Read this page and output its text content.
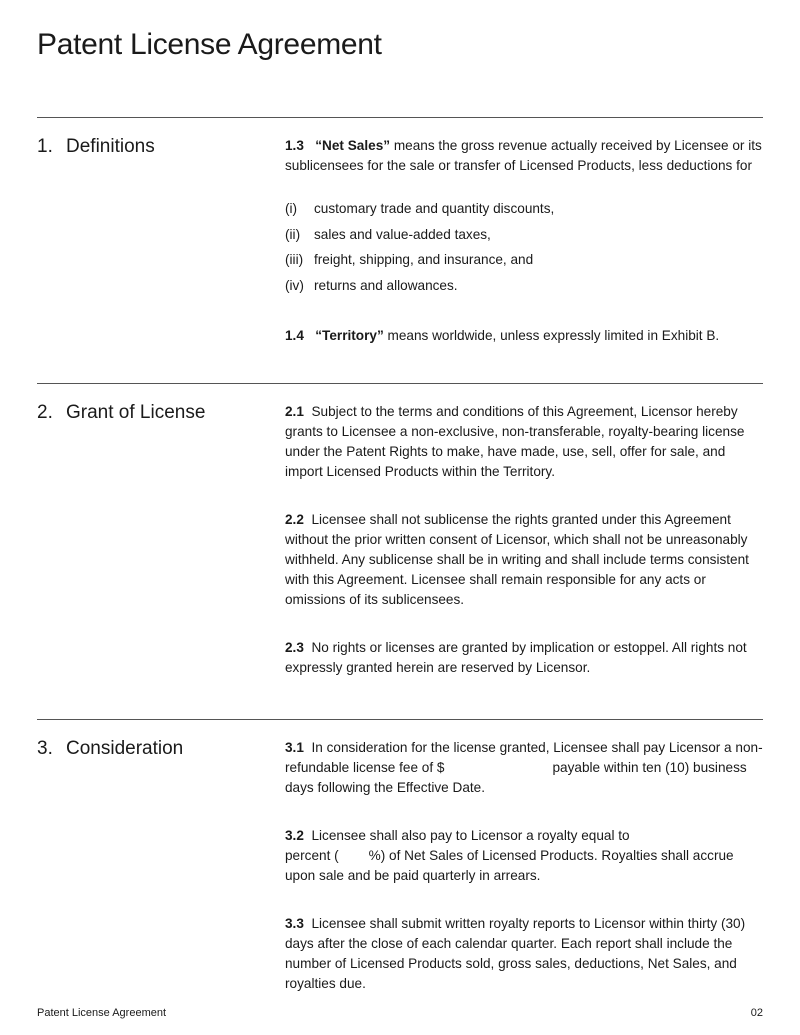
Patent License Agreement
1. Definitions	1.3 “Net Sales” means the gross revenue actually received by Licensee or its sublicensees for the sale or transfer of Licensed Products, less deductions for

(i) customary trade and quantity discounts,
(ii) sales and value-added taxes,
(iii) freight, shipping, and insurance, and
(iv) returns and allowances.

1.4 “Territory” means worldwide, unless expressly limited in Exhibit B.

2. Grant of License	2.1 Subject to the terms and conditions of this Agreement, Licensor hereby grants to Licensee a non-exclusive, non-transferable, royalty-bearing license under the Patent Rights to make, have made, use, sell, offer for sale, and import Licensed Products within the Territory.

2.2 Licensee shall not sublicense the rights granted under this Agreement without the prior written consent of Licensor, which shall not be unreasonably withheld. Any sublicense shall be in writing and shall include terms consistent with this Agreement. Licensee shall remain responsible for any acts or omissions of its sublicensees.

2.3 No rights or licenses are granted by implication or estoppel. All rights not expressly granted herein are reserved by Licensor.

3. Consideration	3.1 In consideration for the license granted, Licensee shall pay Licensor a non-refundable license fee of $	payable within ten (10) business days following the Effective Date.

3.2 Licensee shall also pay to Licensor a royalty equal topercent ( %) of Net Sales of Licensed Products. Royalties shall accrue upon sale and be paid quarterly in arrears.

3.3 Licensee shall submit written royalty reports to Licensor within thirty (30) days after the close of each calendar quarter. Each report shall include the number of Licensed Products sold, gross sales, deductions, Net Sales, and royalties due.

Patent License Agreement	02
